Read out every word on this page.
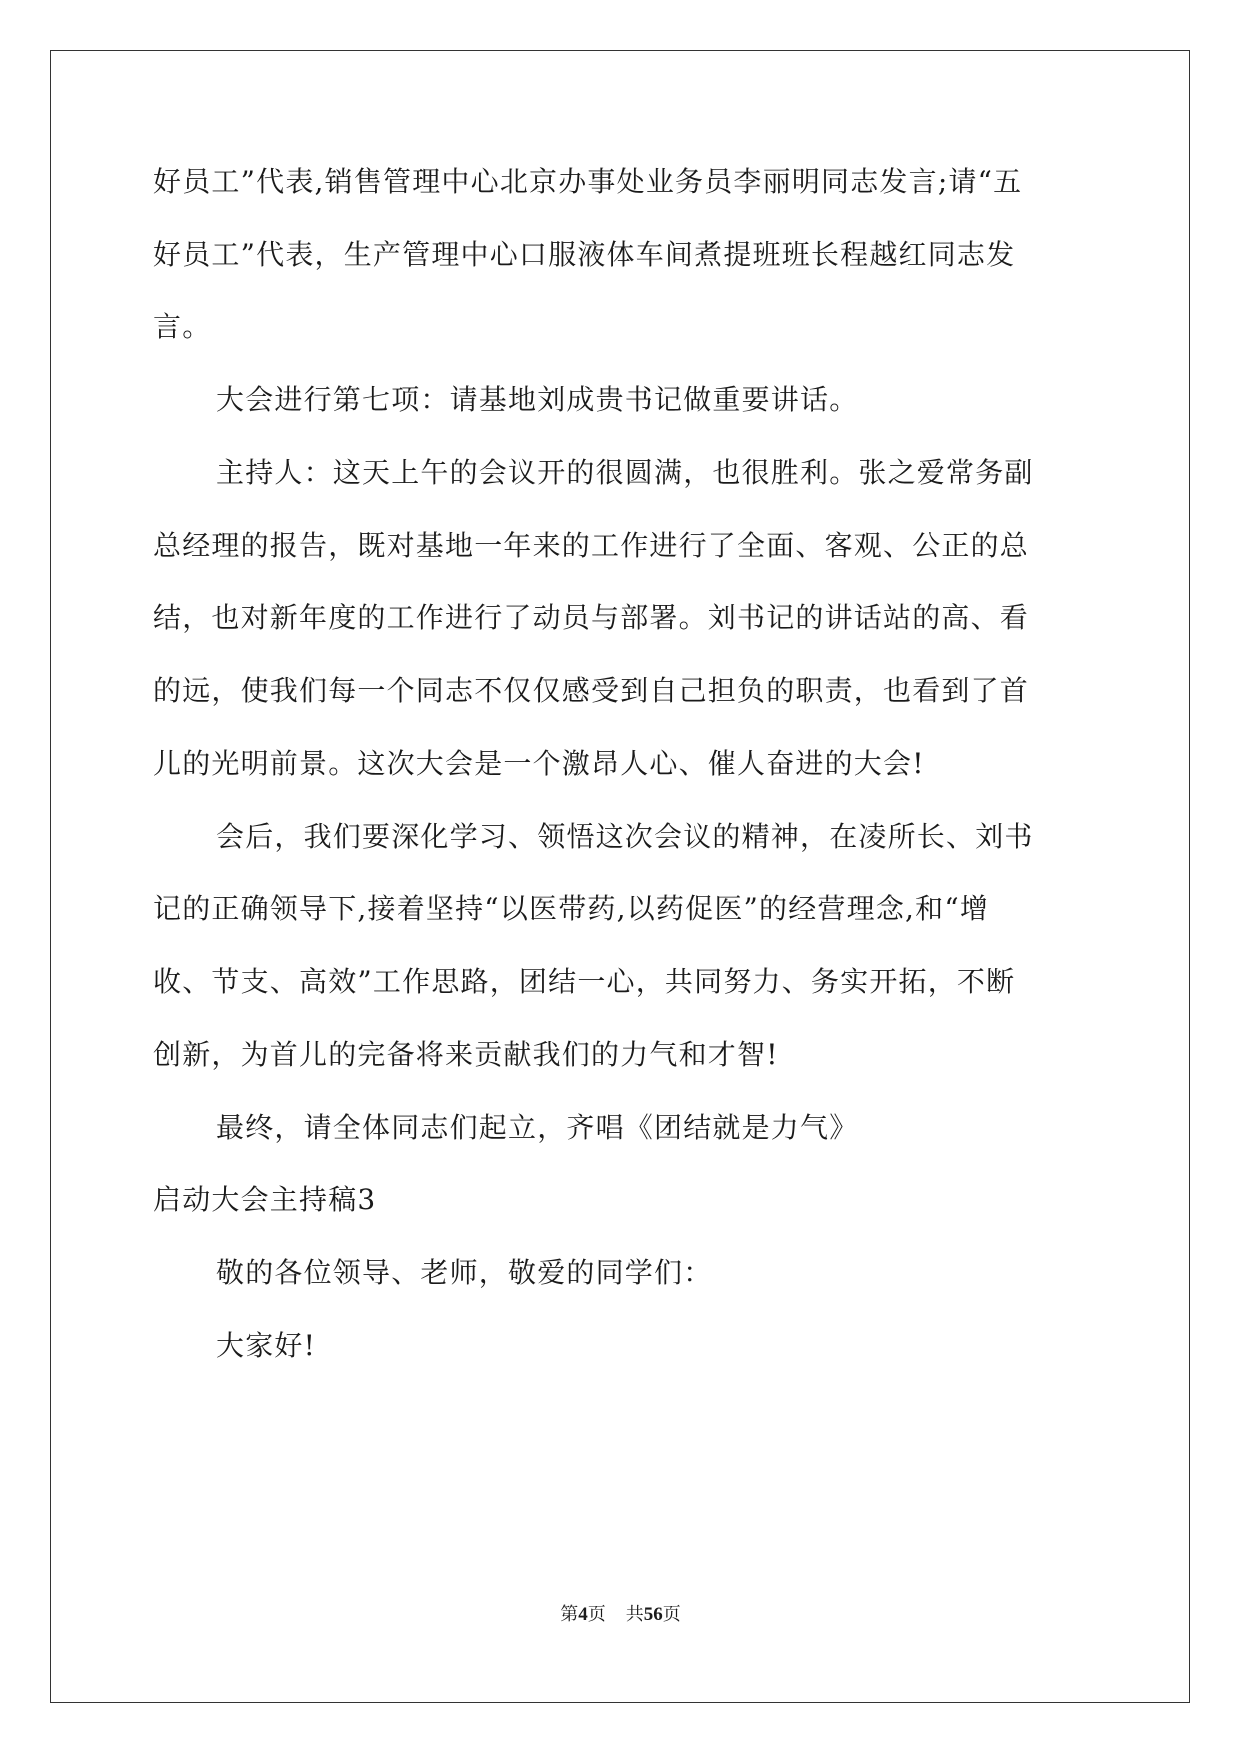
好员工”代表,销售管理中心北京办事处业务员李丽明同志发言;请“五
好员工”代表，生产管理中心口服液体车间煮提班班长程越红同志发
言。
大会进行第七项：请基地刘成贵书记做重要讲话。
主持人：这天上午的会议开的很圆满，也很胜利。张之爱常务副
总经理的报告，既对基地一年来的工作进行了全面、客观、公正的总
结，也对新年度的工作进行了动员与部署。刘书记的讲话站的高、看
的远，使我们每一个同志不仅仅感受到自己担负的职责，也看到了首
儿的光明前景。这次大会是一个激昂人心、催人奋进的大会!
会后，我们要深化学习、领悟这次会议的精神，在凌所长、刘书
记的正确领导下,接着坚持“以医带药,以药促医”的经营理念,和“增
收、节支、高效”工作思路，团结一心，共同努力、务实开拓，不断
创新，为首儿的完备将来贡献我们的力气和才智!
最终，请全体同志们起立，齐唱《团结就是力气》
启动大会主持稿3
敬的各位领导、老师，敬爱的同学们：
大家好!
第4页 共56页
